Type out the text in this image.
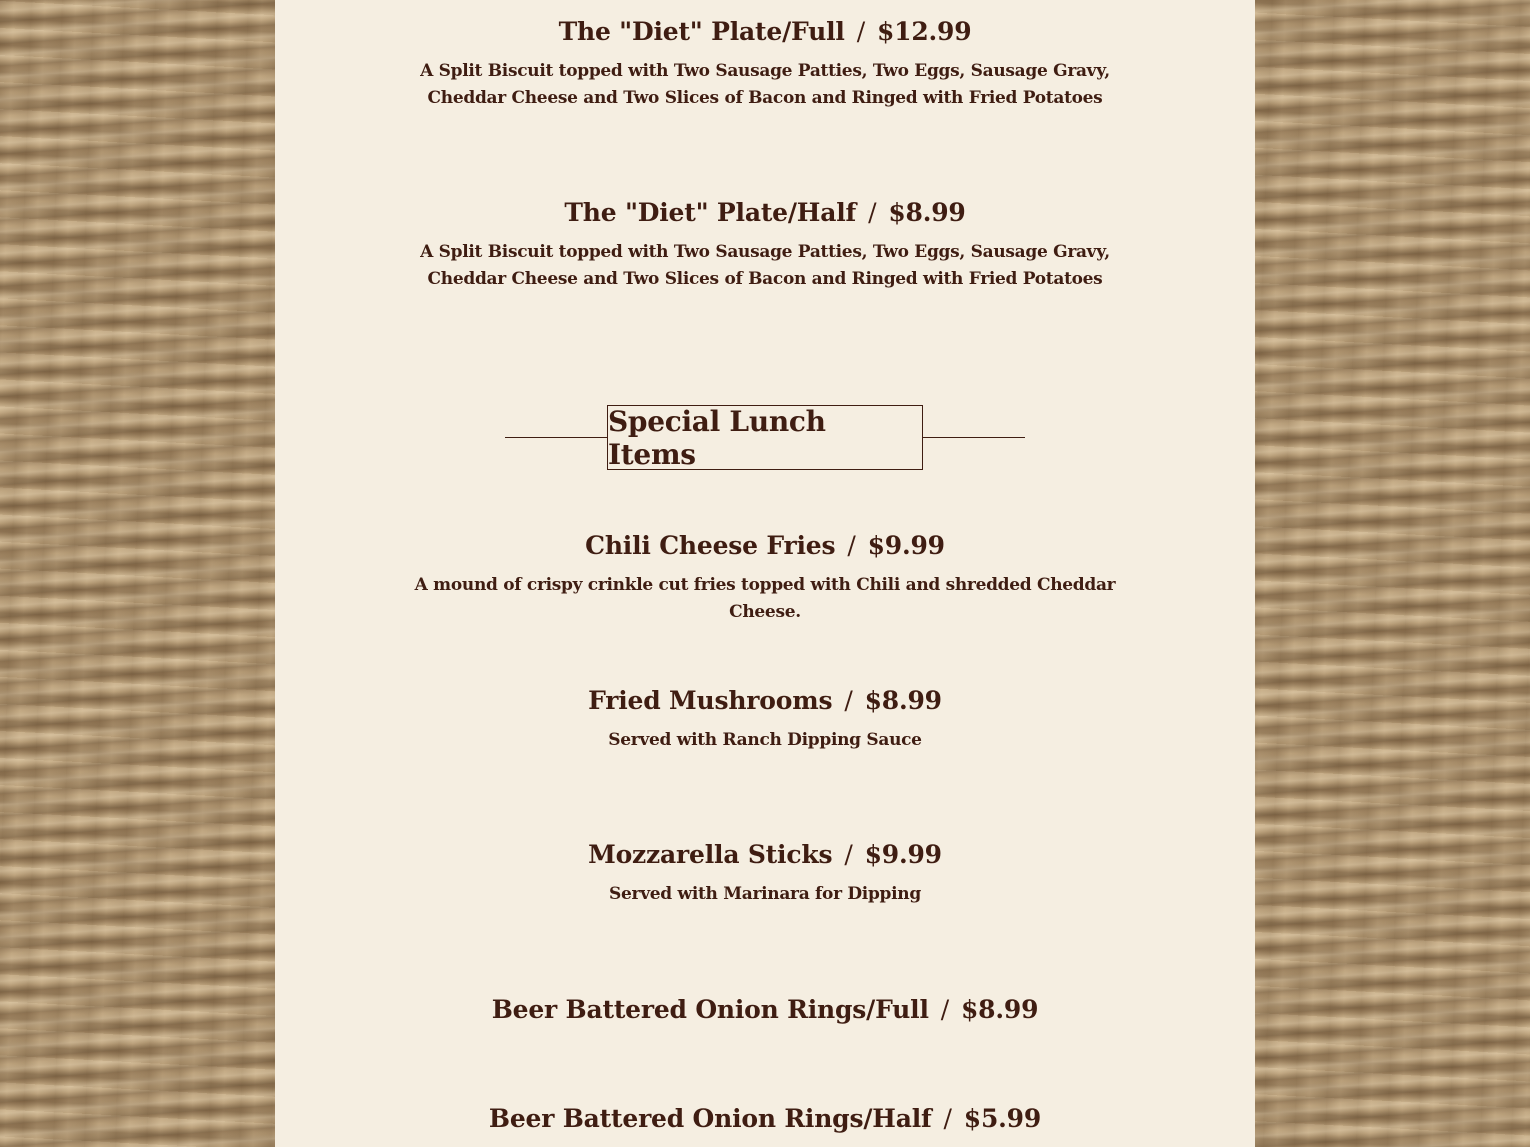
The "Diet" Plate/Full / $12.99

A Split Biscuit topped with Two Sausage Patties, Two Eggs, Sausage Gravy, Cheddar Cheese and Two Slices of Bacon and Ringed with Fried Potatoes

The "Diet" Plate/Half / $8.99

A Split Biscuit topped with Two Sausage Patties, Two Eggs, Sausage Gravy, Cheddar Cheese and Two Slices of Bacon and Ringed with Fried Potatoes

Special Lunch Items

Chili Cheese Fries / $9.99

A mound of crispy crinkle cut fries topped with Chili and shredded Cheddar Cheese.

Fried Mushrooms / $8.99

Served with Ranch Dipping Sauce

Mozzarella Sticks / $9.99

Served with Marinara for Dipping

Beer Battered Onion Rings/Full / $8.99

Beer Battered Onion Rings/Half / $5.99
